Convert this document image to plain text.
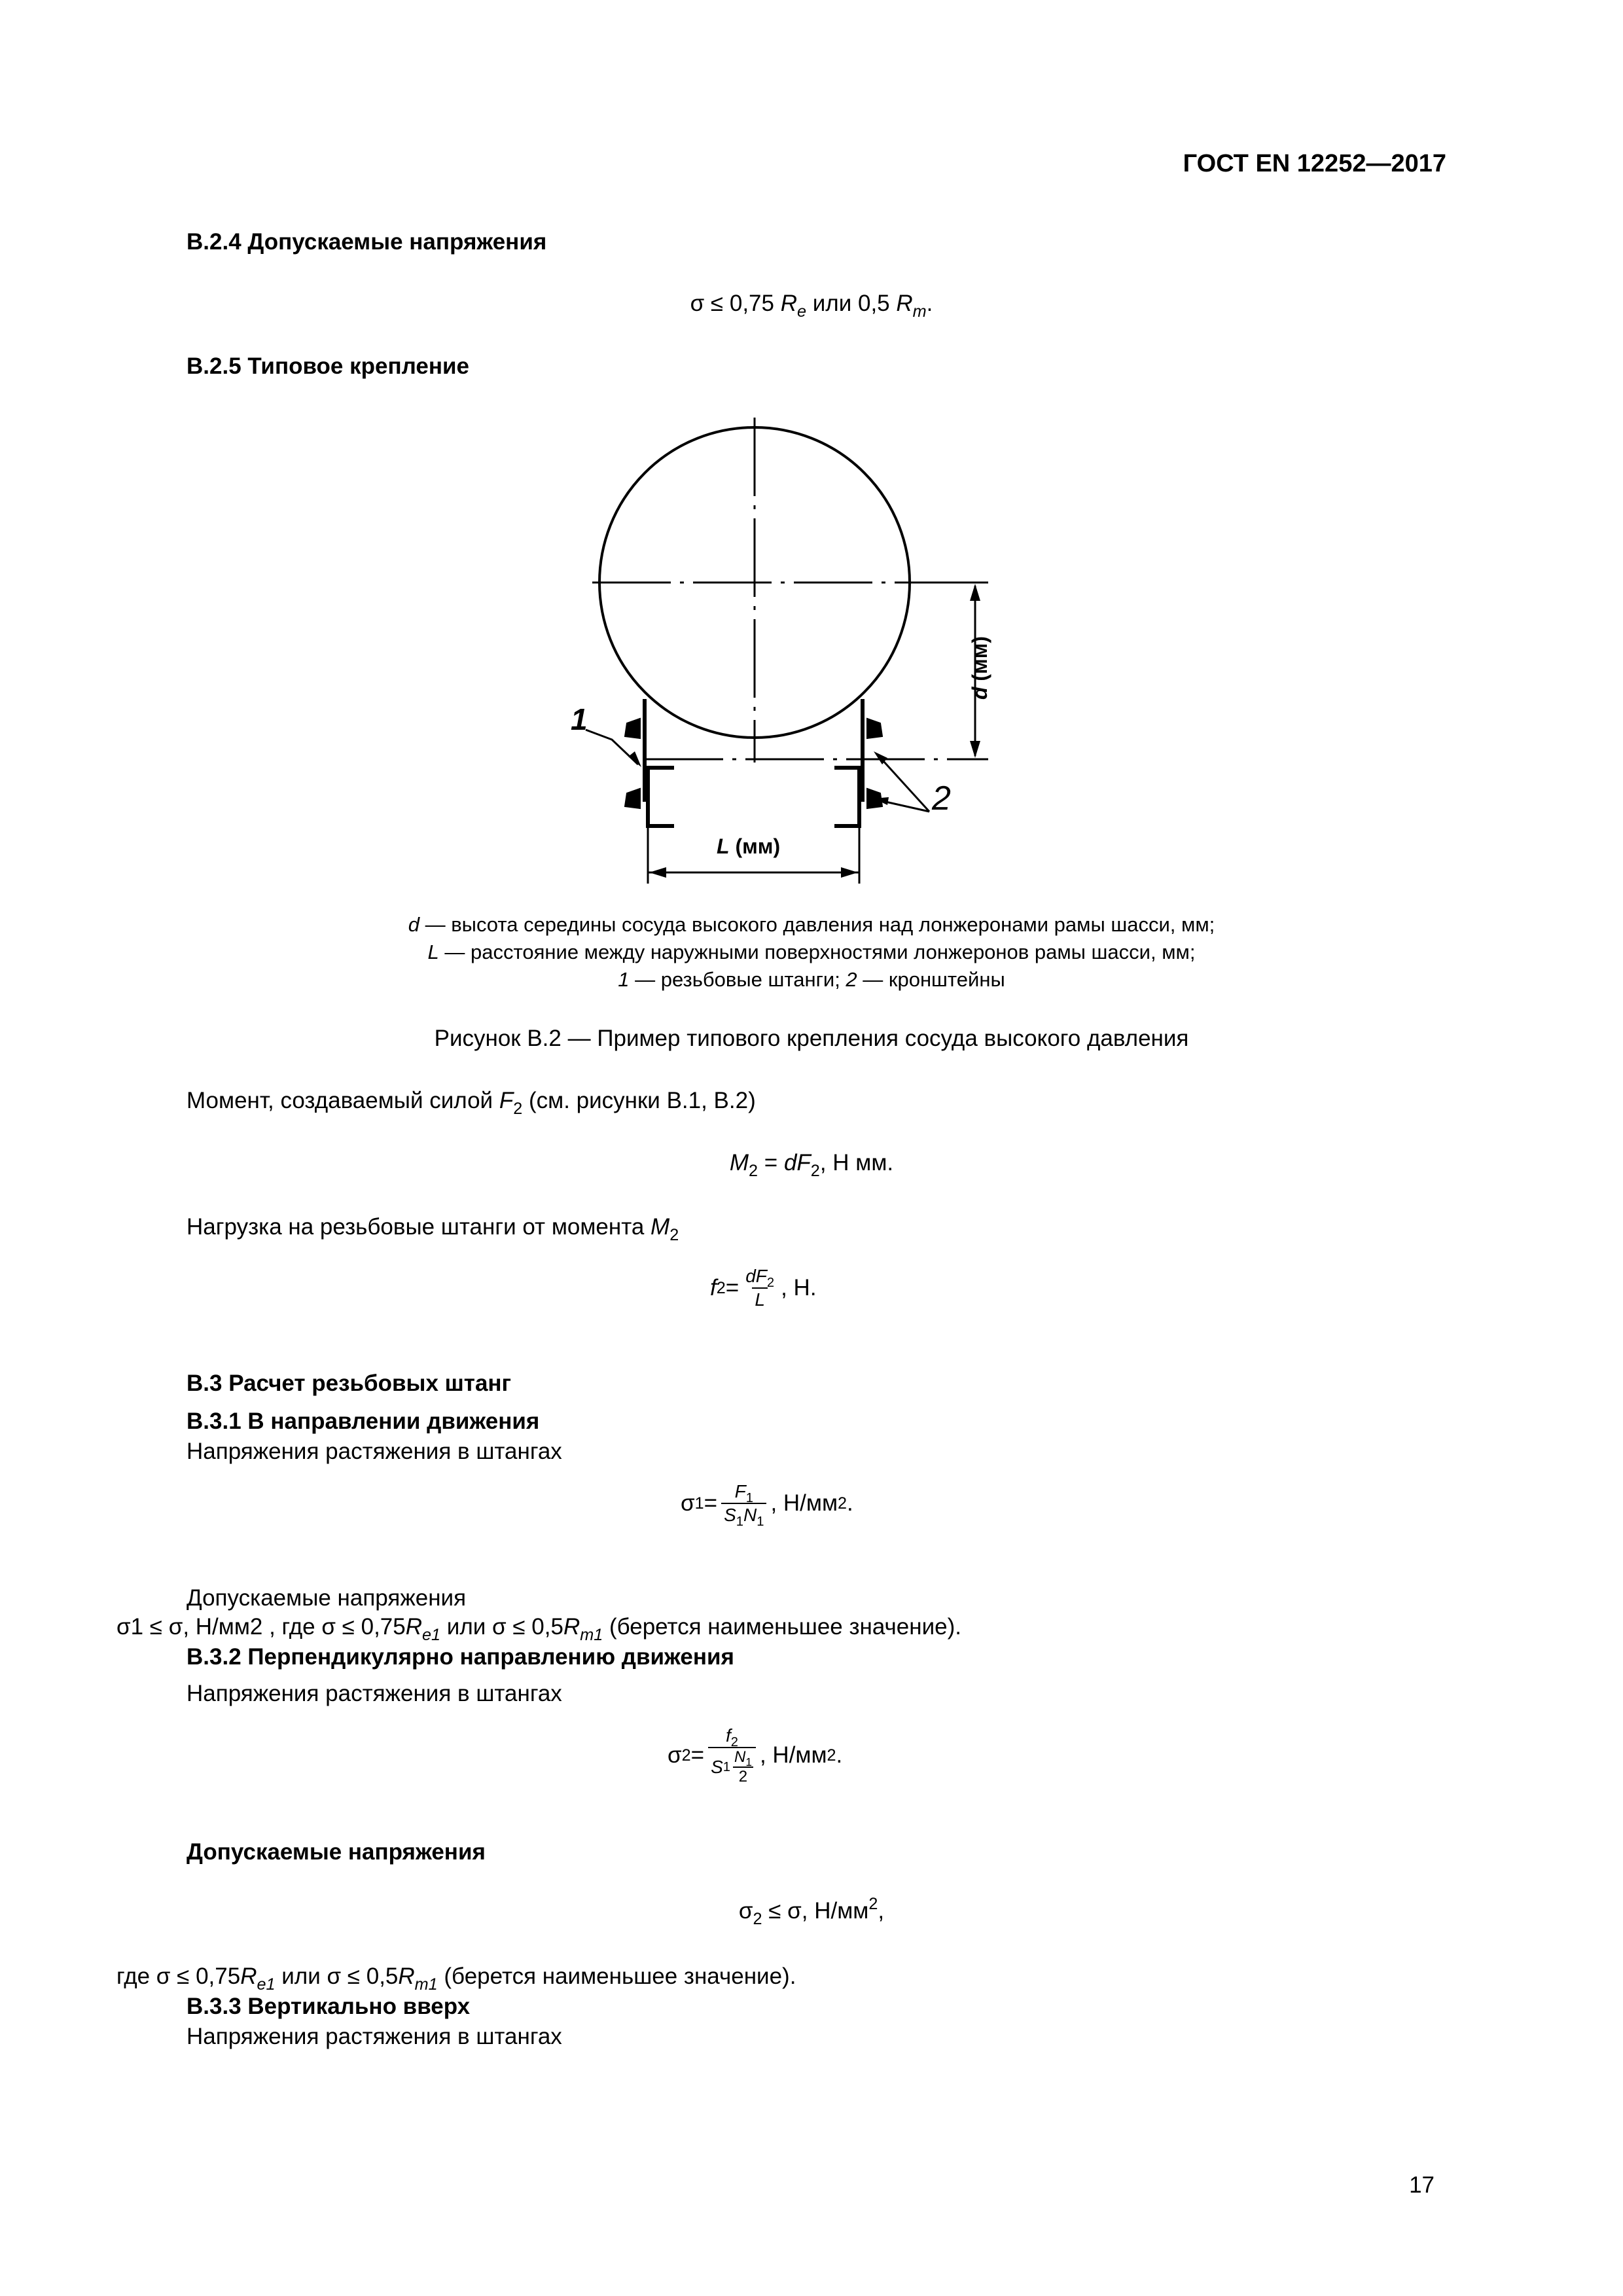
ГОСТ EN 12252—2017
В.2.4 Допускаемые напряжения
σ ≤ 0,75 $R_e$ или 0,5 $R_m$.
В.2.5 Типовое крепление
1
2
d (мм)
L (мм)
d — высота середины сосуда высокого давления над лонжеронами рамы шасси, мм;
L — расстояние между наружными поверхностями лонжеронов рамы шасси, мм;
1 — резьбовые штанги; 2 — кронштейны
Рисунок В.2 — Пример типового крепления сосуда высокого давления
Момент, создаваемый силой $F_2$ (см. рисунки В.1, В.2)
$M_2 = dF_2$, Н мм.
Нагрузка на резьбовые штанги от момента $M_2$
f $2 = \frac{dF_2}{L}$ , Н.
В.3 Расчет резьбовых штанг
В.3.1 В направлении движения
Напряжения растяжения в штангах
σ $1 = \frac{F_1}{S_1N_1}$ , Н/мм 2 .
Допускаемые напряжения
σ1 ≤ σ, Н/мм2 , где $\sigma \le 0,75R_{e1}$ или $\sigma \le 0,5R_{m1}$ (берется наименьшее значение).
В.3.2 Перпендикулярно направлению движения
Напряжения растяжения в штангах
σ $2 = f_2$
S 1
$N_1$
2 , Н/мм 2 .
Допускаемые напряжения
$\sigma_2 \le \sigma$, $Н/мм^2$,
где $\sigma \le 0,75R_{e1}$ или $\sigma \le 0,5R_{m1}$ (берется наименьшее значение).
В.3.3 Вертикально вверх
Напряжения растяжения в штангах
17
